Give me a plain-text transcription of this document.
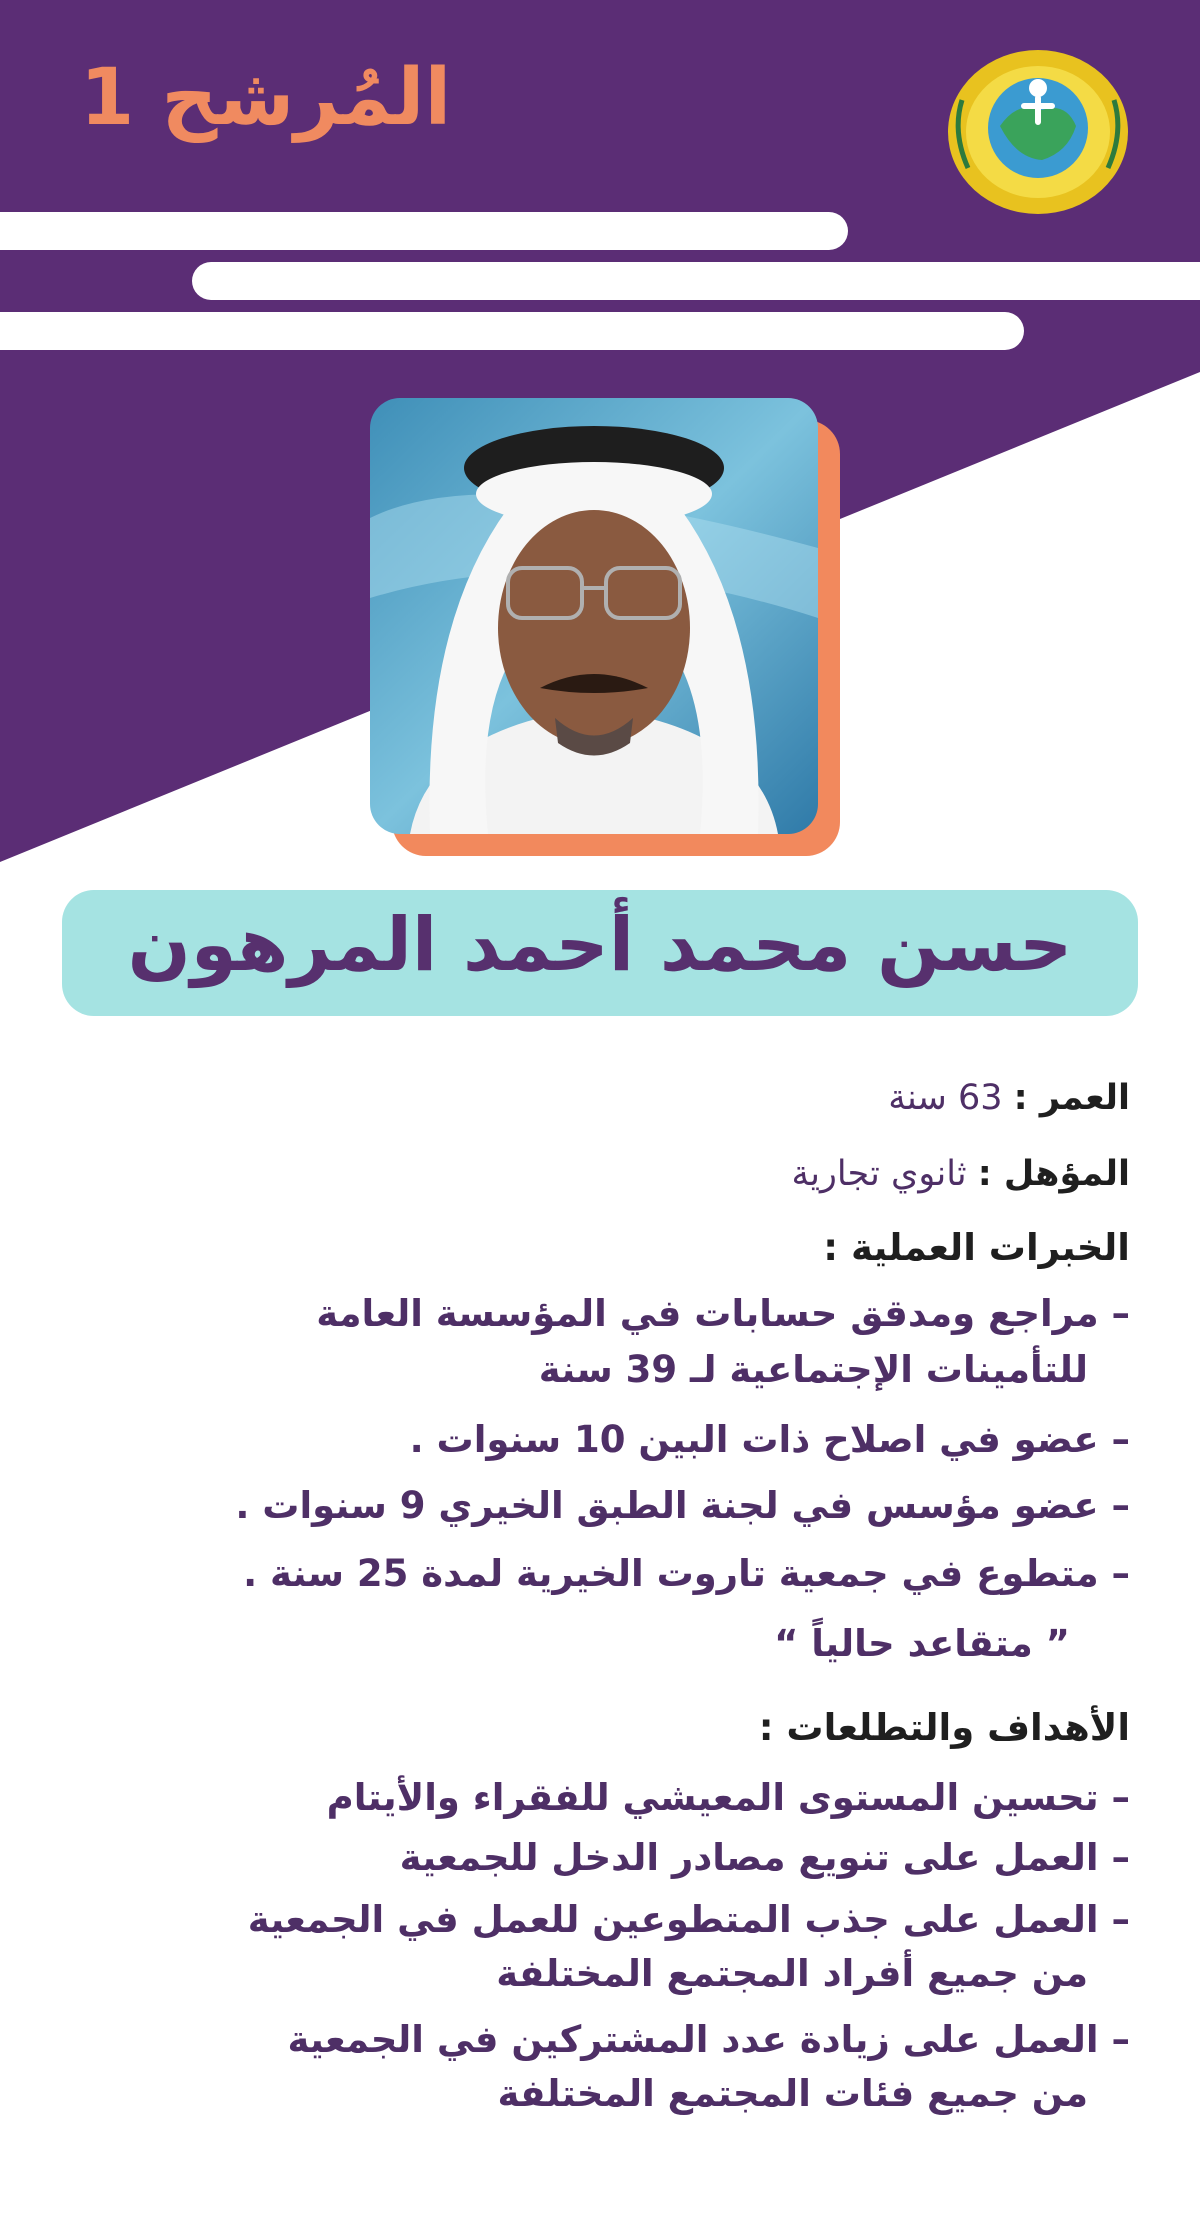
المُرشح 1
حسن محمد أحمد المرهون
العمر : 63 سنة
المؤهل : ثانوي تجارية
الخبرات العملية :
– مراجع ومدقق حسابات في المؤسسة العامة
للتأمينات الإجتماعية لـ 39 سنة
– عضو في اصلاح ذات البين 10 سنوات .
– عضو مؤسس في لجنة الطبق الخيري 9 سنوات .
– متطوع في جمعية تاروت الخيرية لمدة 25 سنة .
” متقاعد حالياً “
الأهداف والتطلعات :
– تحسين المستوى المعيشي للفقراء والأيتام
– العمل على تنويع مصادر الدخل للجمعية
– العمل على جذب المتطوعين للعمل في الجمعية
من جميع أفراد المجتمع المختلفة
– العمل على زيادة عدد المشتركين في الجمعية
من جميع فئات المجتمع المختلفة
